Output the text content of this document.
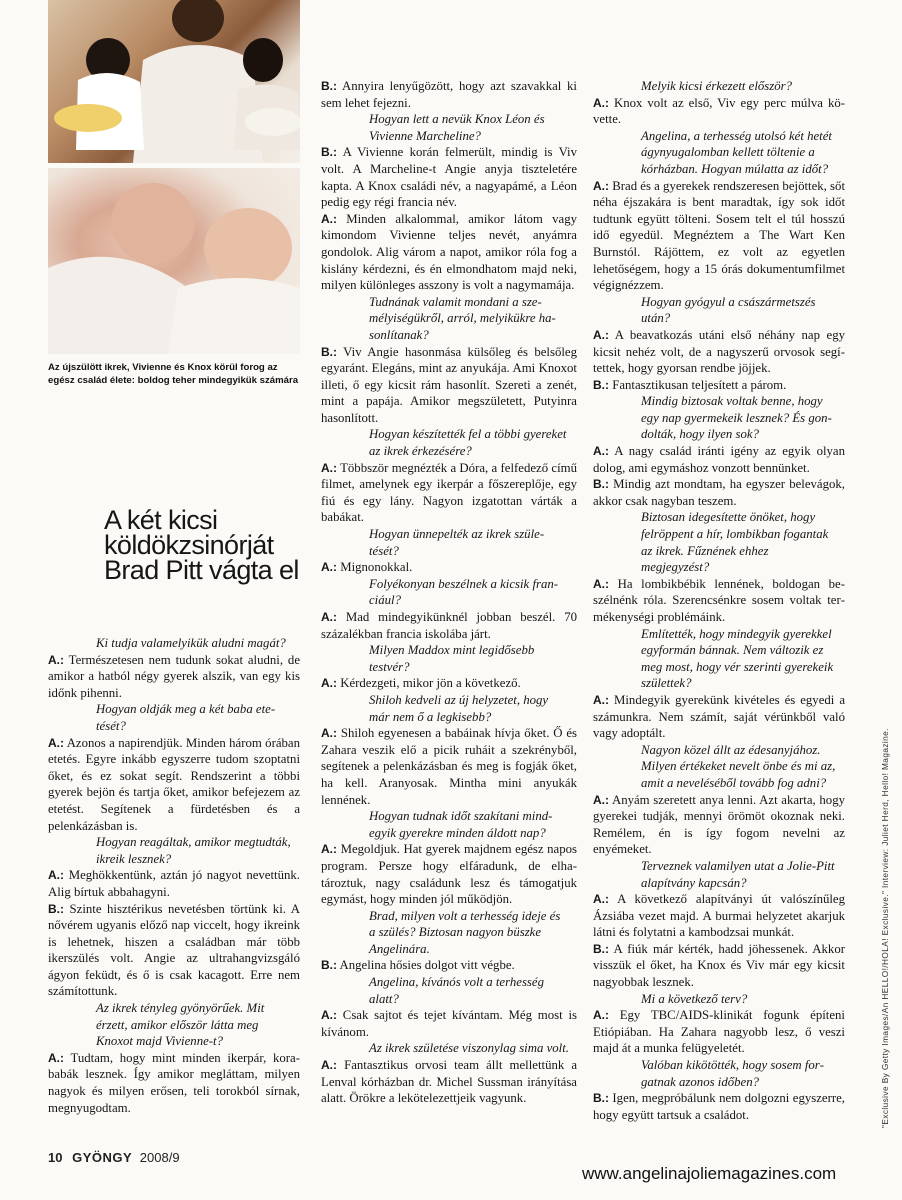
Az újszülött ikrek, Vivienne és Knox körül forog az egész család élete: boldog teher mindegyikük számára
A két kicsi köldökzsinórját Brad Pitt vágta el

Ki tudja valamelyikük aludni magát?

A.: Természetesen nem tudunk sokat aludni, de amikor a hatból négy gyerek alszik, van egy kis időnk pihenni.

Hogyan oldják meg a két baba etetését?

A.: Azonos a napirendjük. Minden három órában etetés. Egyre inkább egyszerre tudom szoptatni őket, és ez sokat segít. Rendszerint a többi gyerek bejön és tartja őket, amikor befejezem az etetést. Segítenek a fürdetésben és a pelenkázásban is.

Hogyan reagáltak, amikor megtudták, ikreik lesznek?

A.: Meghökkentünk, aztán jó nagyot nevettünk. Alig bírtuk abbahagyni.

B.: Szinte hisztérikus nevetésben törtünk ki. A nővérem ugyanis előző nap viccelt, hogy ikreink is lehetnek, hiszen a családban már több ikerszülés volt. Angie az ultrahangvizsgáló ágyon feküdt, és ő is csak kacagott. Erre nem számítottunk.

Az ikrek tényleg gyönyörűek. Mit érzett, amikor először látta meg Knoxot majd Vivienne-t?

A.: Tudtam, hogy mint minden ikerpár, korababák lesznek. Így amikor megláttam, milyen nagyok és milyen erősen, teli torokból sírnak, megnyugodtam.

B.: Annyira lenyűgözött, hogy azt szavakkal ki sem lehet fejezni.

Hogyan lett a nevük Knox Léon és Vivienne Marcheline?

B.: A Vivienne korán felmerült, mindig is Viv volt. A Marcheline-t Angie anyja tiszteletére kapta. A Knox családi név, a nagyapámé, a Léon pedig egy régi francia név.

A.: Minden alkalommal, amikor látom vagy kimondom Vivienne teljes nevét, anyámra gondolok. Alig várom a napot, amikor róla fog a kislány kérdezni, és én elmondhatom majd neki, milyen különleges asszony is volt a nagymamája.

Tudnának valamit mondani a személyiségükről, arról, melyikükre hasonlítanak?

B.: Viv Angie hasonmása külsőleg és belsőleg egyaránt. Elegáns, mint az anyukája. Ami Knoxot illeti, ő egy kicsit rám hasonlít. Szereti a zenét, mint a papája. Amikor megszületett, Putyinra hasonlított.

Hogyan készítették fel a többi gyereket az ikrek érkezésére?

A.: Többször megnézték a Dóra, a felfedező című filmet, amelynek egy ikerpár a főszereplője, egy fiú és egy lány. Nagyon izgatottan várták a babákat.

Hogyan ünnepelték az ikrek születését?

A.: Mignonokkal.

Folyékonyan beszélnek a kicsik franciául?

A.: Mad mindegyikünknél jobban beszél. 70 százalékban francia iskolába járt.

Milyen Maddox mint legidősebb testvér?

A.: Kérdezgeti, mikor jön a következő.

Shiloh kedveli az új helyzetet, hogy már nem ő a legkisebb?

A.: Shiloh egyenesen a babáinak hívja őket. Ő és Zahara veszik elő a picik ruháit a szekrényből, segítenek a pelenkázásban és meg is fogják őket, ha kell. Aranyosak. Mintha mini anyukák lennének.

Hogyan tudnak időt szakítani mindegyik gyerekre minden áldott nap?

A.: Megoldjuk. Hat gyerek majdnem egész napos program. Persze hogy elfáradunk, de elhatároztuk, nagy családunk lesz és támogatjuk egymást, hogy minden jól működjön.

Brad, milyen volt a terhesség ideje és a szülés? Biztosan nagyon büszke Angelinára.

B.: Angelina hősies dolgot vitt végbe.

Angelina, kívánós volt a terhesség alatt?

A.: Csak sajtot és tejet kívántam. Még most is kívánom.

Az ikrek születése viszonylag sima volt.

A.: Fantasztikus orvosi team állt mellettünk a Lenval kórházban dr. Michel Sussman irányítása alatt. Örökre a lekötelezettjeik vagyunk.

Melyik kicsi érkezett először?

A.: Knox volt az első, Viv egy perc múlva követte.

Angelina, a terhesség utolsó két hetét ágynyugalomban kellett töltenie a kórházban. Hogyan múlatta az időt?

A.: Brad és a gyerekek rendszeresen bejöttek, sőt néha éjszakára is bent maradtak, így sok időt tudtunk együtt tölteni. Sosem telt el túl hosszú idő egyedül. Megnéztem a The Wart Ken Burnstól. Rájöttem, ez volt az egyetlen lehetőségem, hogy a 15 órás dokumentumfilmet végignézzem.

Hogyan gyógyul a császármetszés után?

A.: A beavatkozás utáni első néhány nap egy kicsit nehéz volt, de a nagyszerű orvosok segítettek, hogy gyorsan rendbe jöjjek.

B.: Fantasztikusan teljesített a párom.

Mindig biztosak voltak benne, hogy egy nap gyermekeik lesznek? És gondolták, hogy ilyen sok?

A.: A nagy család iránti igény az egyik olyan dolog, ami egymáshoz vonzott bennünket.

B.: Mindig azt mondtam, ha egyszer belevágok, akkor csak nagyban teszem.

Biztosan idegesítette önöket, hogy felröppent a hír, lombikban fogantak az ikrek. Fűznének ehhez megjegyzést?

A.: Ha lombikbébik lennének, boldogan beszélnénk róla. Szerencsénkre sosem voltak termékenységi problémáink.

Említették, hogy mindegyik gyerekkel egyformán bánnak. Nem változik ez meg most, hogy vér szerinti gyerekeik születtek?

A.: Mindegyik gyerekünk kivételes és egyedi a számunkra. Nem számít, saját vérünkből való vagy adoptált.

Nagyon közel állt az édesanyjához. Milyen értékeket nevelt önbe és mi az, amit a neveléséből tovább fog adni?

A.: Anyám szeretett anya lenni. Azt akarta, hogy gyerekei tudják, mennyi örömöt okoznak neki. Remélem, én is így fogom nevelni az enyémeket.

Terveznek valamilyen utat a Jolie-Pitt alapítvány kapcsán?

A.: A következő alapítványi út valószínűleg Ázsiába vezet majd. A burmai helyzetet akarjuk látni és folytatni a kambodzsai munkát.

B.: A fiúk már kérték, hadd jöhessenek. Akkor visszük el őket, ha Knox és Viv már egy kicsit nagyobbak lesznek.

Mi a következő terv?

A.: Egy TBC/AIDS-klinikát fogunk építeni Etiópiában. Ha Zahara nagyobb lesz, ő veszi majd át a munka felügyeletét.

Valóban kikötötték, hogy sosem forgatnak azonos időben?

B.: Igen, megpróbálunk nem dolgozni egyszerre, hogy együtt tartsuk a családot.	"Exclusive By Getty Images/An HELLO!/HOLA! Exclusive." Interview: Juliet Herd, Hello! Magazine.
10 GYÖNGY 2008/9
www.angelinajoliemagazines.com
